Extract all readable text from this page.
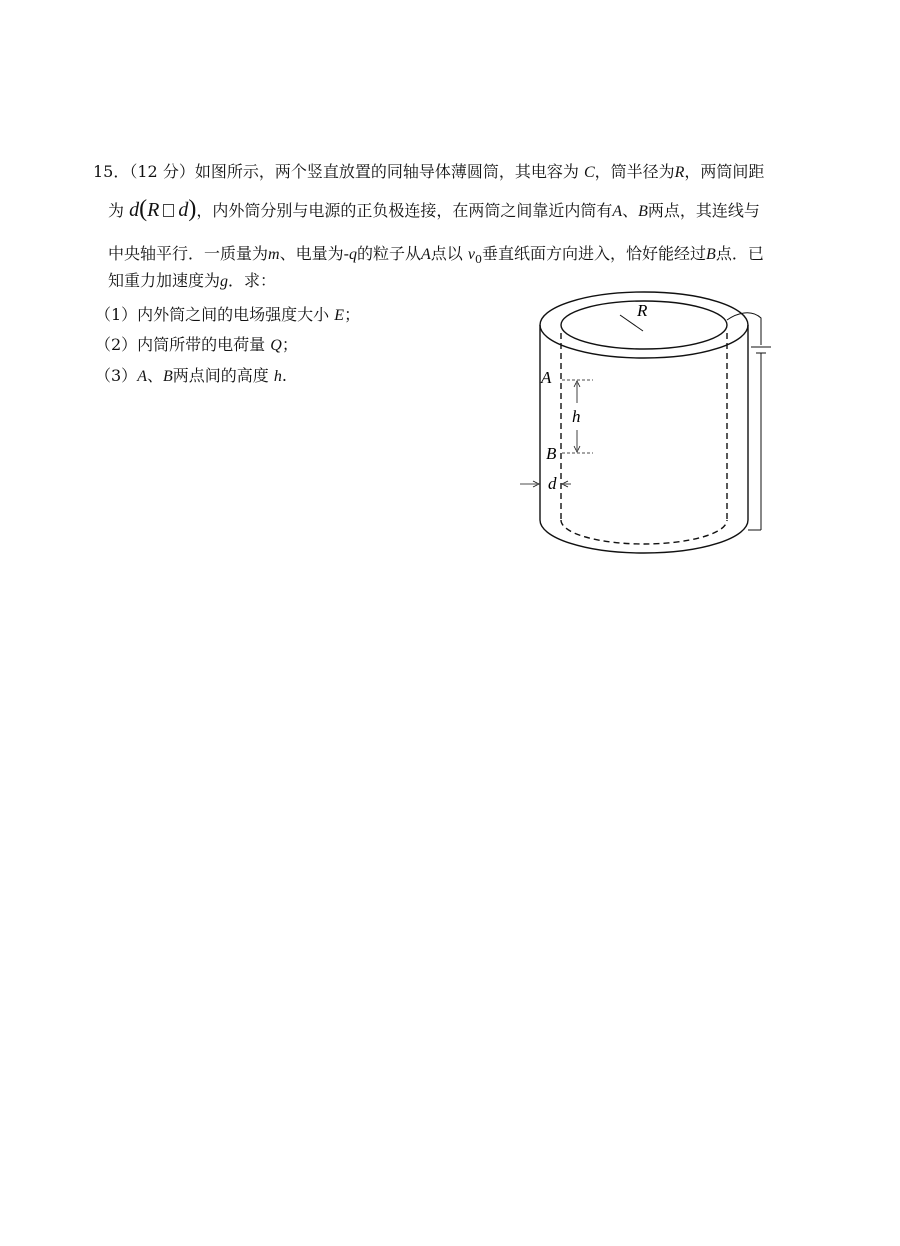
15．（12 分）如图所示，两个竖直放置的同轴导体薄圆筒，其电容为 C，筒半径为R，两筒间距
为 d(R d)，内外筒分别与电源的正负极连接，在两筒之间靠近内筒有A、B两点，其连线与
中央轴平行．一质量为m、电量为-q的粒子从A点以 $v_0$垂直纸面方向进入，恰好能经过B点．已
知重力加速度为g．求：
（1）内外筒之间的电场强度大小 E；
（2）内筒所带的电荷量 Q；
（3）A、B两点间的高度 h.
R
A
h
B
d
